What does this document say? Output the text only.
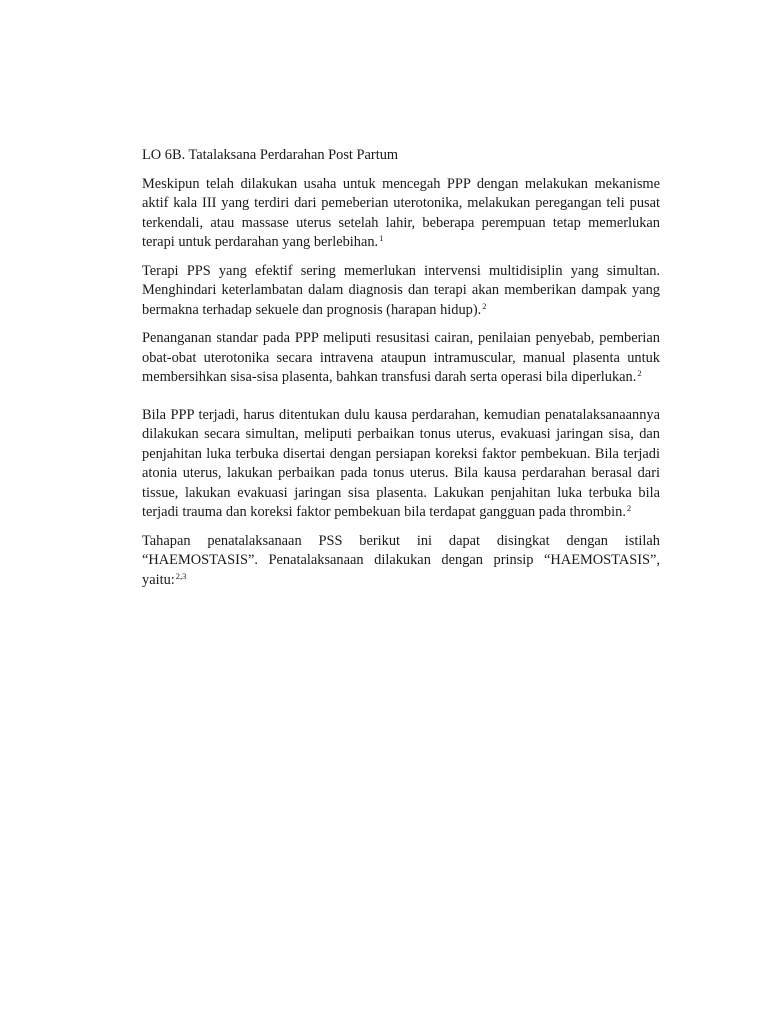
LO 6B. Tatalaksana Perdarahan Post Partum

Meskipun telah dilakukan usaha untuk mencegah PPP dengan melakukan mekanisme aktif kala III yang terdiri dari pemeberian uterotonika, melakukan peregangan teli pusat terkendali, atau massase uterus setelah lahir, beberapa perempuan tetap memerlukan terapi untuk perdarahan yang berlebihan.$^1$

Terapi PPS yang efektif sering memerlukan intervensi multidisiplin yang simultan. Menghindari keterlambatan dalam diagnosis dan terapi akan memberikan dampak yang bermakna terhadap sekuele dan prognosis (harapan hidup).$^2$

Penanganan standar pada PPP meliputi resusitasi cairan, penilaian penyebab, pemberian obat-obat uterotonika secara intravena ataupun intramuscular, manual plasenta untuk membersihkan sisa-sisa plasenta, bahkan transfusi darah serta operasi bila diperlukan.$^2$

Bila PPP terjadi, harus ditentukan dulu kausa perdarahan, kemudian penatalaksanaannya dilakukan secara simultan, meliputi perbaikan tonus uterus, evakuasi jaringan sisa, dan penjahitan luka terbuka disertai dengan persiapan koreksi faktor pembekuan. Bila terjadi atonia uterus, lakukan perbaikan pada tonus uterus. Bila kausa perdarahan berasal dari tissue, lakukan evakuasi jaringan sisa plasenta. Lakukan penjahitan luka terbuka bila terjadi trauma dan koreksi faktor pembekuan bila terdapat gangguan pada thrombin.$^2$

Tahapan penatalaksanaan PSS berikut ini dapat disingkat dengan istilah “HAEMOSTASIS”. Penatalaksanaan dilakukan dengan prinsip “HAEMOSTASIS”, yaitu:$^{2,3}$
